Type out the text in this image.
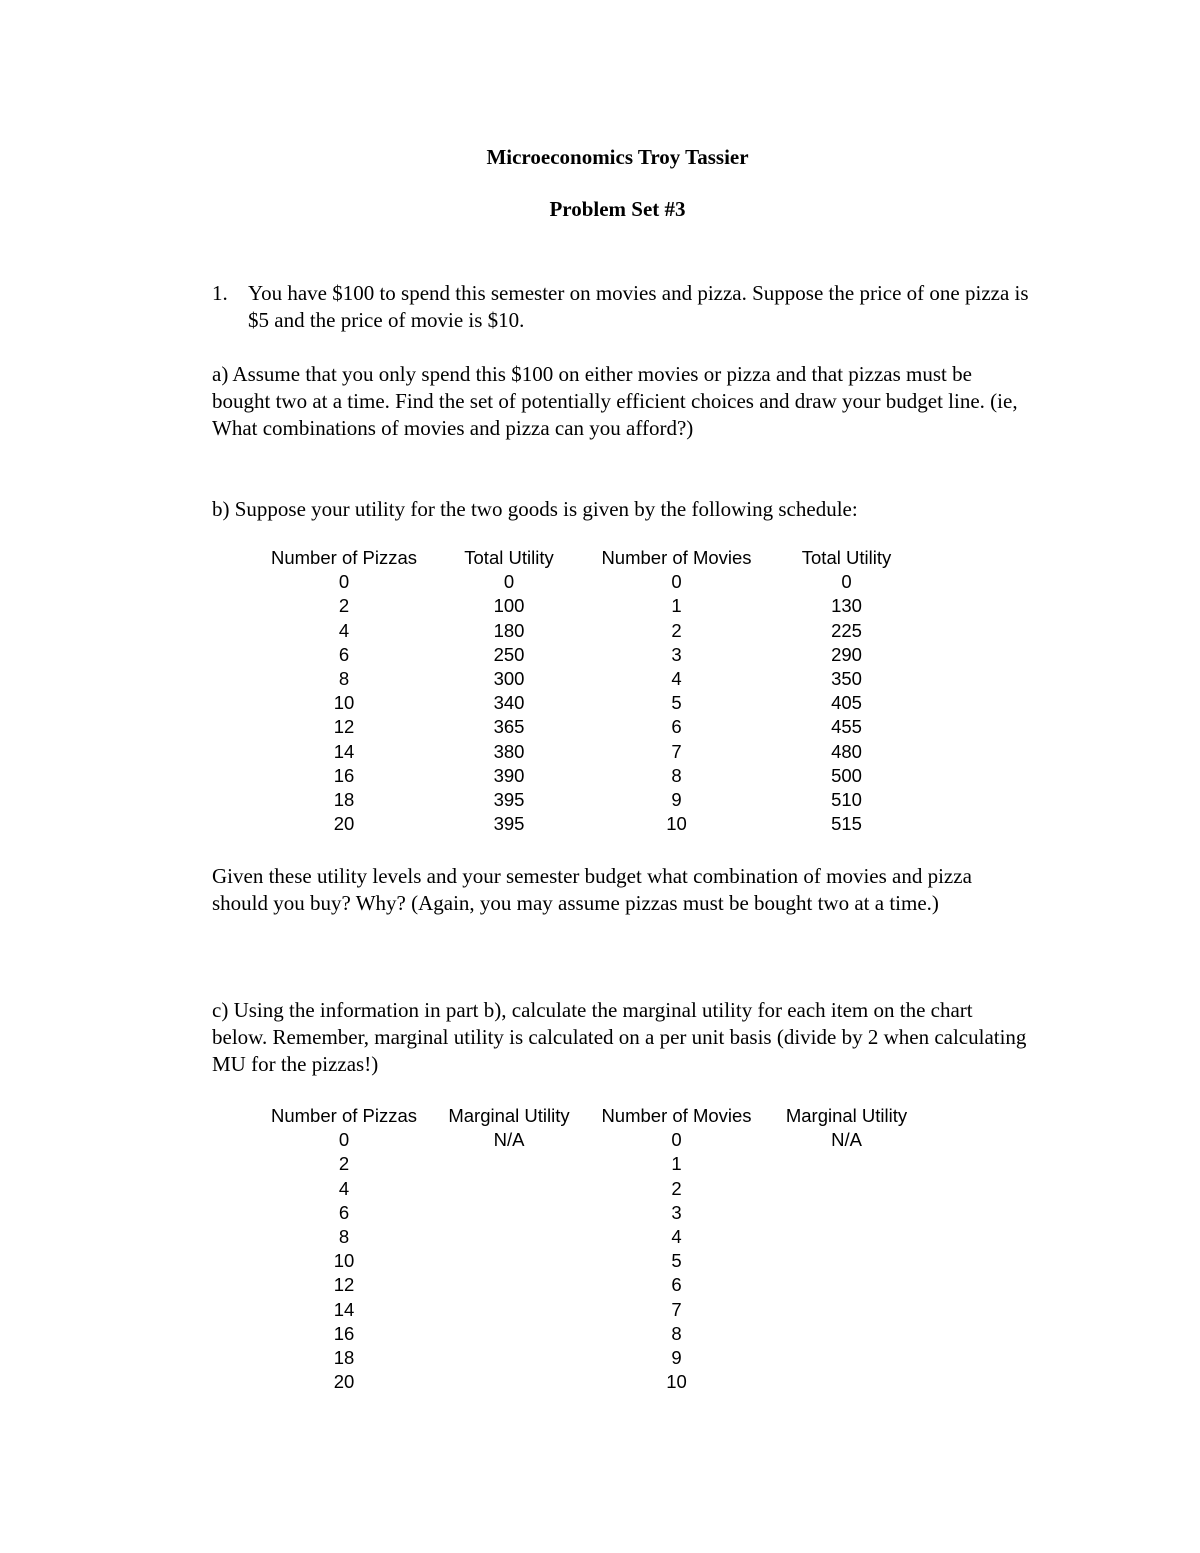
Microeconomics Troy Tassier
Problem Set #3
1. You have $100 to spend this semester on movies and pizza. Suppose the price of one pizza is $5 and the price of movie is $10.

a) Assume that you only spend this $100 on either movies or pizza and that pizzas must be bought two at a time. Find the set of potentially efficient choices and draw your budget line. (ie, What combinations of movies and pizza can you afford?)

b) Suppose your utility for the two goods is given by the following schedule:

Number of Pizzas	Total Utility	Number of Movies	Total Utility
0	0	0	0
2	100	1	130
4	180	2	225
6	250	3	290
8	300	4	350
10	340	5	405
12	365	6	455
14	380	7	480
16	390	8	500
18	395	9	510
20	395	10	515

Given these utility levels and your semester budget what combination of movies and pizza should you buy? Why? (Again, you may assume pizzas must be bought two at a time.)

c) Using the information in part b), calculate the marginal utility for each item on the chart below. Remember, marginal utility is calculated on a per unit basis (divide by 2 when calculating MU for the pizzas!)

Number of Pizzas	Marginal Utility	Number of Movies	Marginal Utility
0	N/A	0	N/A
2		1	
4		2	
6		3	
8		4	
10		5	
12		6	
14		7	
16		8	
18		9	
20		10	
